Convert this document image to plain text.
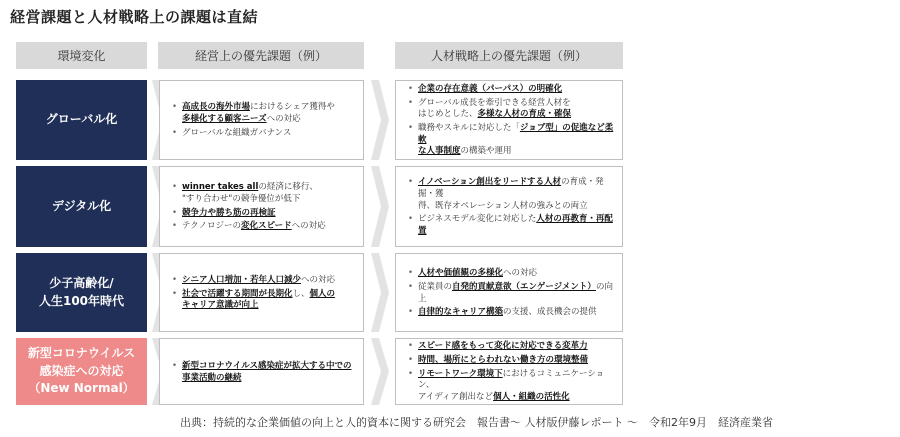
経営課題と人材戦略上の課題は直結
環境変化	経営上の優先課題（例）	人材戦略上の優先課題（例）
グローバル化
• 高成長の海外市場におけるシェア獲得や
多様化する顧客ニーズへの対応
• グローバルな組織ガバナンス
• 企業の存在意義（パーパス）の明確化
• グローバル成長を牽引できる経営人材を
はじめとした、多様な人材の育成・確保
• 職務やスキルに対応した「ジョブ型」の促進など柔軟
な人事制度の構築や運用
デジタル化
• winner takes allの経済に移行、
"すり合わせ"の競争優位が低下
• 競争力や勝ち筋の再検証
• テクノロジーの変化スピードへの対応
• イノベーション創出をリードする人材の育成・発掘・獲
得、既存オペレーション人材の強みとの両立
• ビジネスモデル変化に対応した人材の再教育・再配置
少子高齢化/
人生100年時代
• シニア人口増加・若年人口減少への対応
• 社会で活躍する期間が長期化し、個人の
キャリア意識が向上
• 人材や価値観の多様化への対応
• 従業員の自発的貢献意欲（エンゲージメント）の向上
• 自律的なキャリア構築の支援、成長機会の提供
新型コロナウイルス
感染症への対応
（New Normal）
• 新型コロナウイルス感染症が拡大する中での
事業活動の継続
• スピード感をもって変化に対応できる変革力
• 時間、場所にとらわれない働き方の環境整備
• リモートワーク環境下におけるコミュニケーション、
アイディア創出など個人・組織の活性化
出典：持続的な企業価値の向上と人的資本に関する研究会　報告書～ 人材版伊藤レポート ～　令和2年9月　経済産業省
